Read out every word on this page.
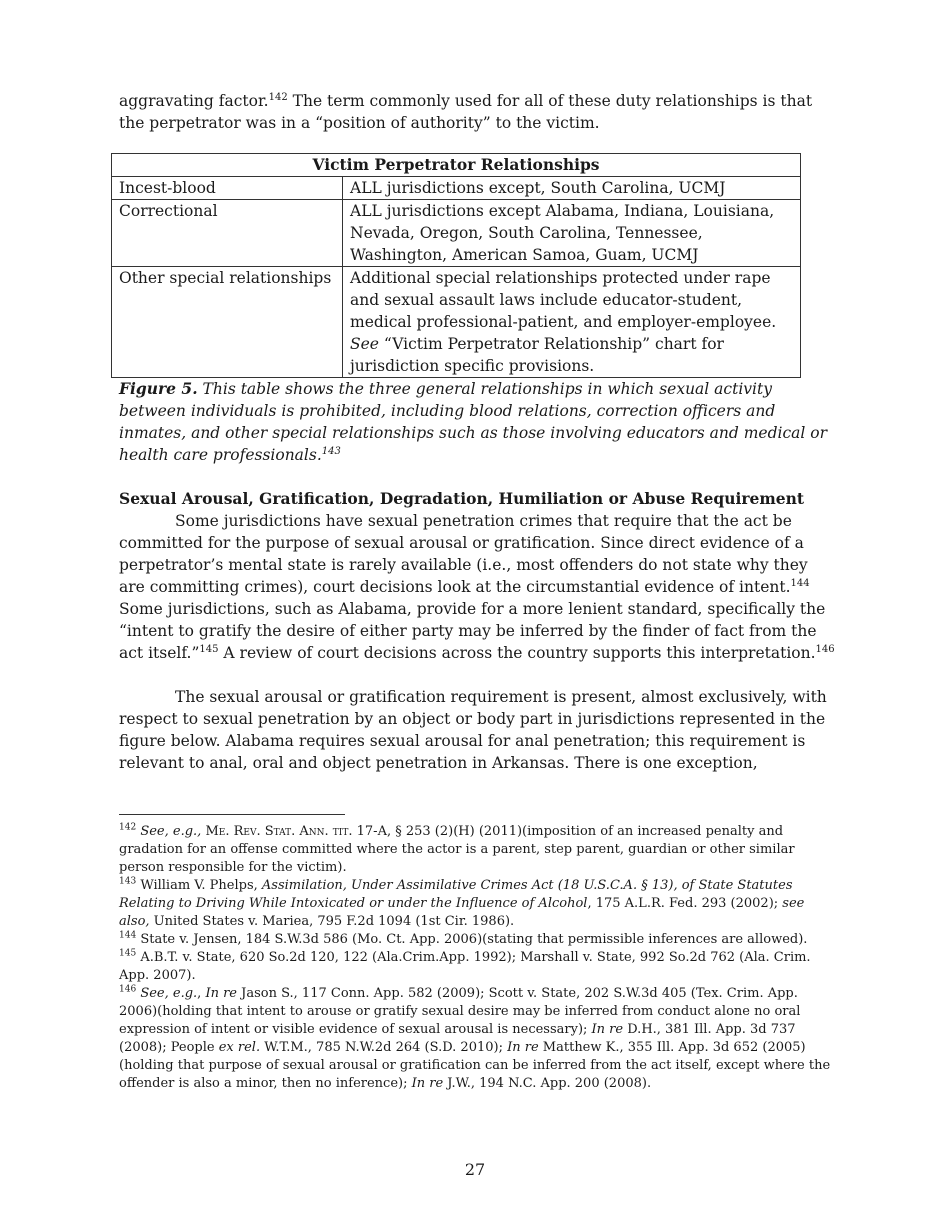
aggravating factor.$^{142}$ The term commonly used for all of these duty relationships is that the perpetrator was in a “position of authority” to the victim.

Victim Perpetrator Relationships	
Incest-blood	ALL jurisdictions except, South Carolina, UCMJ
Correctional	ALL jurisdictions except Alabama, Indiana, Louisiana, Nevada, Oregon, South Carolina, Tennessee, Washington, American Samoa, Guam, UCMJ
Other special relationships	Additional special relationships protected under rape and sexual assault laws include educator-student, medical professional-patient, and employer-employee. See “Victim Perpetrator Relationship” chart for jurisdiction specific provisions.

Figure 5. This table shows the three general relationships in which sexual activity between individuals is prohibited, including blood relations, correction officers and inmates, and other special relationships such as those involving educators and medical or health care professionals.$^{143}$

Sexual Arousal, Gratification, Degradation, Humiliation or Abuse Requirement

Some jurisdictions have sexual penetration crimes that require that the act be committed for the purpose of sexual arousal or gratification. Since direct evidence of a perpetrator’s mental state is rarely available (i.e., most offenders do not state why they are committing crimes), court decisions look at the circumstantial evidence of intent.$^{144}$ Some jurisdictions, such as Alabama, provide for a more lenient standard, specifically the “intent to gratify the desire of either party may be inferred by the finder of fact from the act itself.”$^{145}$ A review of court decisions across the country supports this interpretation.$^{146}$

The sexual arousal or gratification requirement is present, almost exclusively, with respect to sexual penetration by an object or body part in jurisdictions represented in the figure below. Alabama requires sexual arousal for anal penetration; this requirement is relevant to anal, oral and object penetration in Arkansas. There is one exception,

$^{142}$ See, e.g., Me. Rev. Stat. Ann. tit. 17-A, § 253 (2)(H) (2011)(imposition of an increased penalty and gradation for an offense committed where the actor is a parent, step parent, guardian or other similar person responsible for the victim).

$^{143}$ William V. Phelps, Assimilation, Under Assimilative Crimes Act (18 U.S.C.A. § 13), of State Statutes Relating to Driving While Intoxicated or under the Influence of Alcohol, 175 A.L.R. Fed. 293 (2002); see also, United States v. Mariea, 795 F.2d 1094 (1st Cir. 1986).

$^{144}$ State v. Jensen, 184 S.W.3d 586 (Mo. Ct. App. 2006)(stating that permissible inferences are allowed).

$^{145}$ A.B.T. v. State, 620 So.2d 120, 122 (Ala.Crim.App. 1992); Marshall v. State, 992 So.2d 762 (Ala. Crim. App. 2007).

$^{146}$ See, e.g., In re Jason S., 117 Conn. App. 582 (2009); Scott v. State, 202 S.W.3d 405 (Tex. Crim. App. 2006)(holding that intent to arouse or gratify sexual desire may be inferred from conduct alone no oral expression of intent or visible evidence of sexual arousal is necessary); In re D.H., 381 Ill. App. 3d 737 (2008); People ex rel. W.T.M., 785 N.W.2d 264 (S.D. 2010); In re Matthew K., 355 Ill. App. 3d 652 (2005)(holding that purpose of sexual arousal or gratification can be inferred from the act itself, except where the offender is also a minor, then no inference); In re J.W., 194 N.C. App. 200 (2008).

27
